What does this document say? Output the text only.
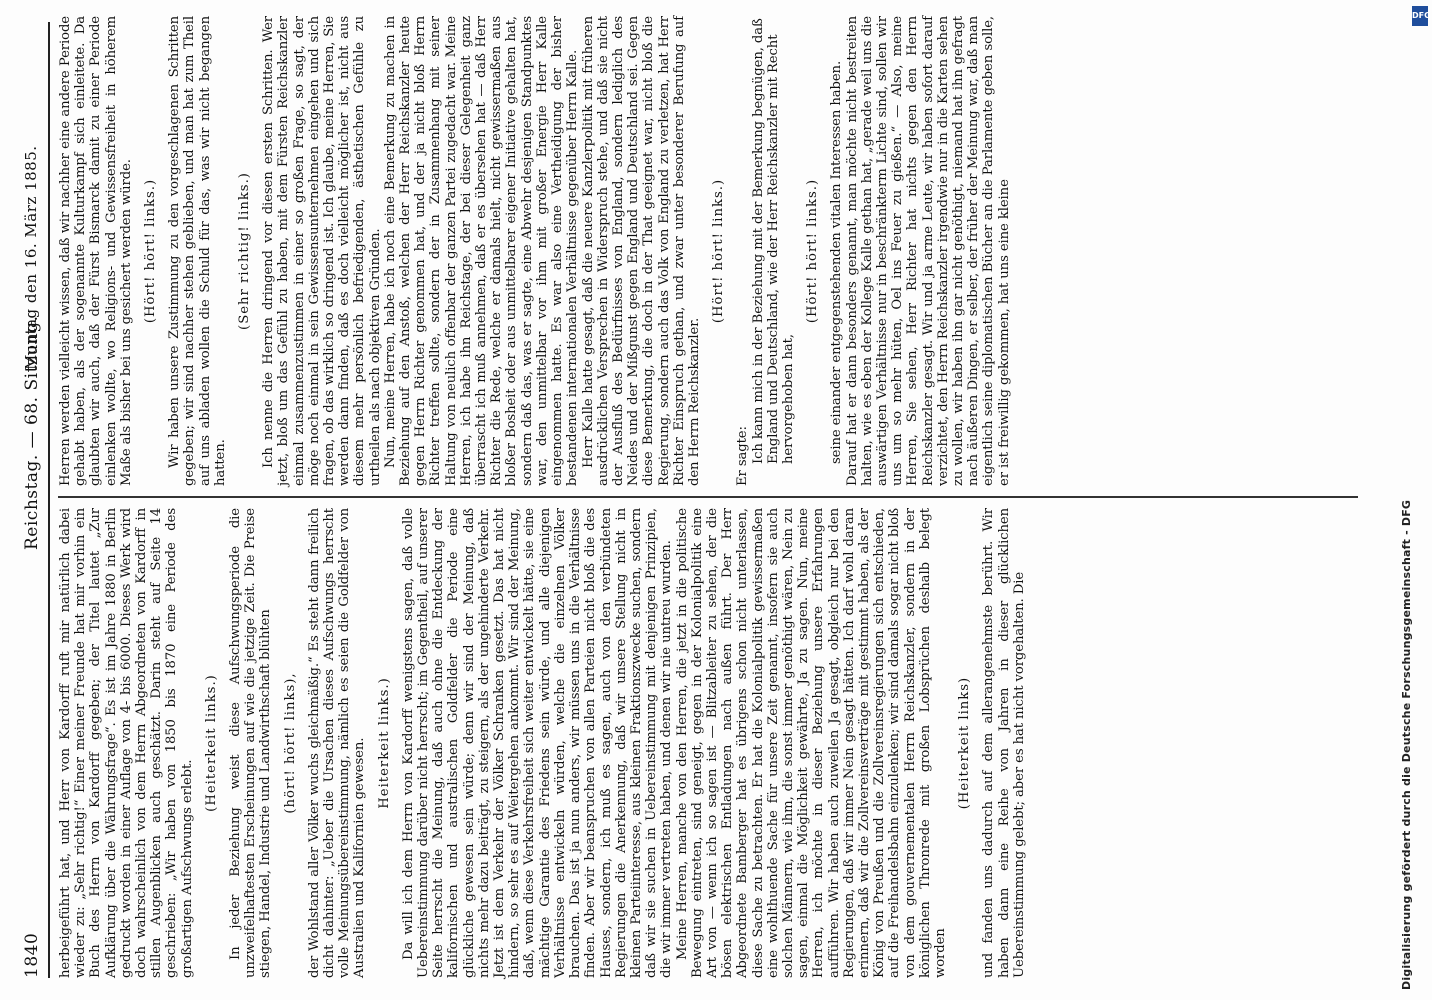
1840
Reichstag. — 68. Sitzung.
Montag den 16. März 1885.

herbeigeführt hat, und Herr von Kardorff ruft mir natürlich dabei wieder zu: „Sehr richtig!“ Einer meiner Freunde hat mir vorhin ein Buch des Herrn von Kardorff gegeben; der Titel lautet „Zur Aufklärung über die Währungsfrage“. Es ist im Jahre 1880 in Berlin gedruckt worden in einer Auflage von 4- bis 6000. Dieses Werk wird doch wahrscheinlich von dem Herrn Abgeordneten von Kardorff in stillen Augenblicken auch geschätzt. Darin steht auf Seite 14 geschrieben: „Wir haben von 1850 bis 1870 eine Periode des großartigen Aufschwungs erlebt.

(Heiterkeit links.) In jeder Beziehung weist diese Aufschwungsperiode die unzweifelhaftesten Erscheinungen auf wie die jetzige Zeit. Die Preise stiegen, Handel, Industrie und Landwirthschaft blühten (hört! hört! links), der Wohlstand aller Völker wuchs gleichmäßig.“ Es steht dann freilich dicht dahinter: „Ueber die Ursachen dieses Aufschwungs herrscht volle Meinungsübereinstimmung, nämlich es seien die Goldfelder von Australien und Kalifornien gewesen. Heiterkeit links.) Da will ich dem Herrn von Kardorff wenigstens sagen, daß volle Uebereinstimmung darüber nicht herrscht; im Gegentheil, auf unserer Seite herrscht die Meinung, daß auch ohne die Entdeckung der kalifornischen und australischen Goldfelder die Periode eine glückliche gewesen sein würde; denn wir sind der Meinung, daß nichts mehr dazu beiträgt, zu steigern, als der ungehinderte Verkehr. Jetzt ist dem Verkehr der Völker Schranken gesetzt. Das hat nicht hindern, so sehr es auf Weitergehen ankommt. Wir sind der Meinung, daß, wenn diese Verkehrsfreiheit sich weiter entwickelt hätte, sie eine mächtige Garantie des Friedens sein würde, und alle diejenigen Verhältnisse entwickeln würden, welche die einzelnen Völker brauchen. Das ist ja nun anders, wir müssen uns in die Verhältnisse finden. Aber wir beanspruchen von allen Parteien nicht bloß die des Hauses, sondern, ich muß es sagen, auch von den verbündeten Regierungen die Anerkennung, daß wir unsere Stellung nicht in kleinen Parteiinteresse, aus kleinen Fraktionszwecke suchen, sondern daß wir sie suchen in Uebereinstimmung mit denjenigen Prinzipien, die wir immer vertreten haben, und denen wir nie untreu wurden. Meine Herren, manche von den Herren, die jetzt in die politische Bewegung eintreten, sind geneigt, gegen in der Kolonialpolitik eine Art von — wenn ich so sagen ist — Blitzableiter zu sehen, der die bösen elektrischen Entladungen nach außen führt. Der Herr Abgeordnete Bamberger hat es übrigens schon nicht unterlassen, diese Sache zu betrachten. Er hat die Kolonialpolitik gewissermaßen eine wohlthuende Sache für unsere Zeit genannt, insofern sie auch solchen Männern, wie ihm, die sonst immer genöthigt wären, Nein zu sagen, einmal die Möglichkeit gewährte, Ja zu sagen. Nun, meine Herren, ich möchte in dieser Beziehung unsere Erfahrungen aufführen. Wir haben auch zuweilen Ja gesagt, obgleich nur bei den Regierungen, daß wir immer Nein gesagt hätten. Ich darf wohl daran erinnern, daß wir die Zollvereinsverträge mit gestimmt haben, als der König von Preußen und die Zollvereinsregierungen sich entschieden, auf die Freihandelsbahn einzulenken; wir sind damals sogar nicht bloß von dem gouvernementalen Herrn Reichskanzler, sondern in der königlichen Thronrede mit großen Lobsprüchen deshalb belegt worden

(Heiterkeit links) und fanden uns dadurch auf dem allerangenehmste berührt. Wir haben dann eine Reihe von Jahren in dieser glücklichen Uebereinstimmung gelebt; aber es hat nicht vorgehalten. Die

Herren werden vielleicht wissen, daß wir nachher eine andere Periode gehabt haben, als der sogenannte Kulturkampf sich einleitete. Da glaubten wir auch, daß der Fürst Bismarck damit zu einer Periode einlenken wollte, wo Religions- und Gewissensfreiheit in höherem Maße als bisher bei uns gesichert werden würde. (Hört! hört! links.) Wir haben unsere Zustimmung zu den vorgeschlagenen Schritten gegeben; wir sind nachher stehen geblieben, und man hat zum Theil auf uns abladen wollen die Schuld für das, was wir nicht begangen hatten.

(Sehr richtig! links.) Ich nenne die Herren dringend vor diesen ersten Schritten. Wer jetzt, bloß um das Gefühl zu haben, mit dem Fürsten Reichskanzler einmal zusammenzustimmen in einer so großen Frage, so sagt, der möge noch einmal in sein Gewissensunternehmen eingehen und sich fragen, ob das wirklich so dringend ist. Ich glaube, meine Herren, Sie werden dann finden, daß es doch vielleicht möglicher ist, nicht aus diesem mehr persönlich befriedigenden, ästhetischen Gefühle zu urtheilen als nach objektiven Gründen. Nun, meine Herren, habe ich noch eine Bemerkung zu machen in Beziehung auf den Anstoß, welchen der Herr Reichskanzler heute gegen Herrn Richter genommen hat, und der ja nicht bloß Herrn Richter treffen sollte, sondern der in Zusammenhang mit seiner Haltung von neulich offenbar der ganzen Partei zugedacht war. Meine Herren, ich habe ihn Reichstage, der bei dieser Gelegenheit ganz überrascht ich muß annehmen, daß er es übersehen hat — daß Herr Richter die Rede, welche er damals hielt, nicht gewissermaßen aus bloßer Bosheit oder aus unmittelbarer eigener Initiative gehalten hat, sondern daß das, was er sagte, eine Abwehr desjenigen Standpunktes war, den unmittelbar vor ihm mit großer Energie Herr Kalle eingenommen hatte. Es war also eine Vertheidigung der bisher bestandenen internationalen Verhältnisse gegenüber Herrn Kalle. Herr Kalle hatte gesagt, daß die neuere Kanzlerpolitik mit früheren ausdrücklichen Versprechen in Widerspruch stehe, und daß sie nicht der Ausfluß des Bedürfnisses von England, sondern lediglich des Neides und der Mißgunst gegen England und Deutschland sei. Gegen diese Bemerkung, die doch in der That geeignet war, nicht bloß die Regierung, sondern auch das Volk von England zu verletzen, hat Herr Richter Einspruch gethan, und zwar unter besonderer Berufung auf den Herrn Reichskanzler.

(Hört! hört! links.)

Er sagte: Ich kann mich in der Beziehung mit der Bemerkung begnügen, daß England und Deutschland, wie der Herr Reichskanzler mit Recht hervorgehoben hat,

(Hört! hört! links.) seine einander entgegenstehenden vitalen Interessen haben. Darauf hat er dann besonders genannt, man möchte nicht bestreiten halten, wie es eben der Kollege Kalle gethan hat, „gerade weil uns die auswärtigen Verhältnisse nur in beschränkterm Lichte sind, sollen wir uns um so mehr hüten, Oel ins Feuer zu gießen.“ — Also, meine Herren, Sie sehen, Herr Richter hat nichts gegen den Herrn Reichskanzler gesagt. Wir und ja arme Leute, wir haben sofort darauf verzichtet, den Herrn Reichskanzler irgendwie nur in die Karten sehen zu wollen, wir haben ihn gar nicht genöthigt, niemand hat ihn gefragt nach äußeren Dingen, er selber, der früher der Meinung war, daß man eigentlich seine diplomatischen Bücher an die Parlamente geben solle, er ist freiwillig gekommen, hat uns eine kleine

Digitalisierung gefördert durch die Deutsche Forschungsgemeinschaft - DFG
DFG
